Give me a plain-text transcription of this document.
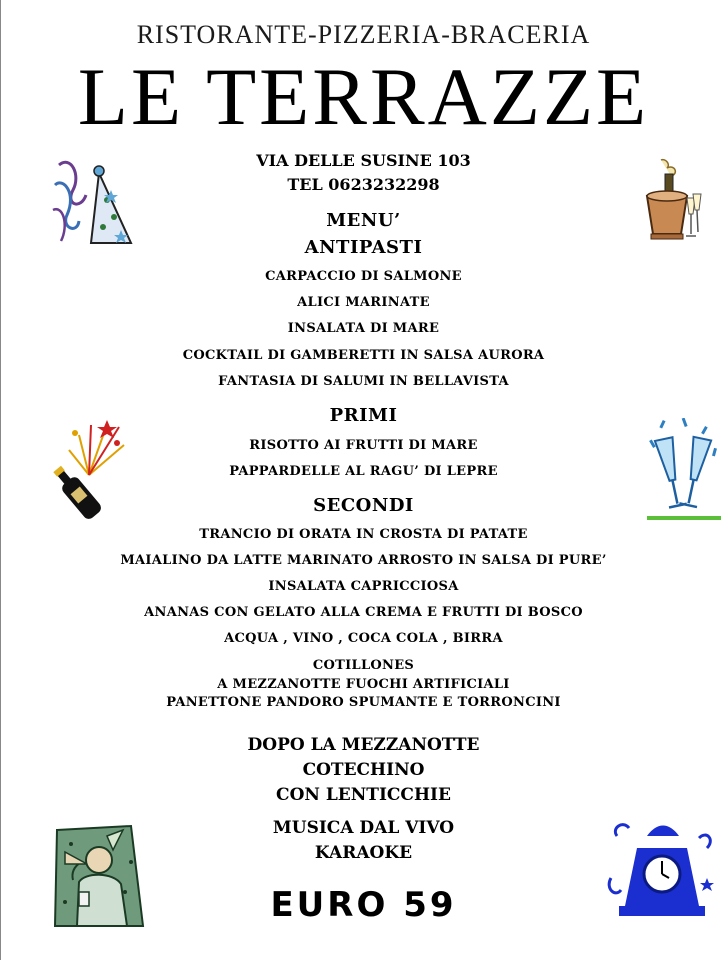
RISTORANTE-PIZZERIA-BRACERIA
LE TERRAZZE
VIA DELLE SUSINE 103
TEL 0623232298
MENU’
ANTIPASTI
CARPACCIO DI SALMONE
ALICI MARINATE
INSALATA DI MARE
COCKTAIL DI GAMBERETTI IN SALSA AURORA
FANTASIA DI SALUMI IN BELLAVISTA
PRIMI
RISOTTO AI FRUTTI DI MARE
PAPPARDELLE AL RAGU’ DI LEPRE
SECONDI
TRANCIO DI ORATA IN CROSTA DI PATATE
MAIALINO DA LATTE MARINATO ARROSTO IN SALSA DI PURE’
INSALATA CAPRICCIOSA
ANANAS CON GELATO ALLA CREMA E FRUTTI DI BOSCO
ACQUA , VINO , COCA COLA , BIRRA
COTILLONES
A MEZZANOTTE FUOCHI ARTIFICIALI
PANETTONE PANDORO SPUMANTE E TORRONCINI
DOPO LA MEZZANOTTE
COTECHINO
CON LENTICCHIE
MUSICA DAL VIVO
KARAOKE
EURO 59
